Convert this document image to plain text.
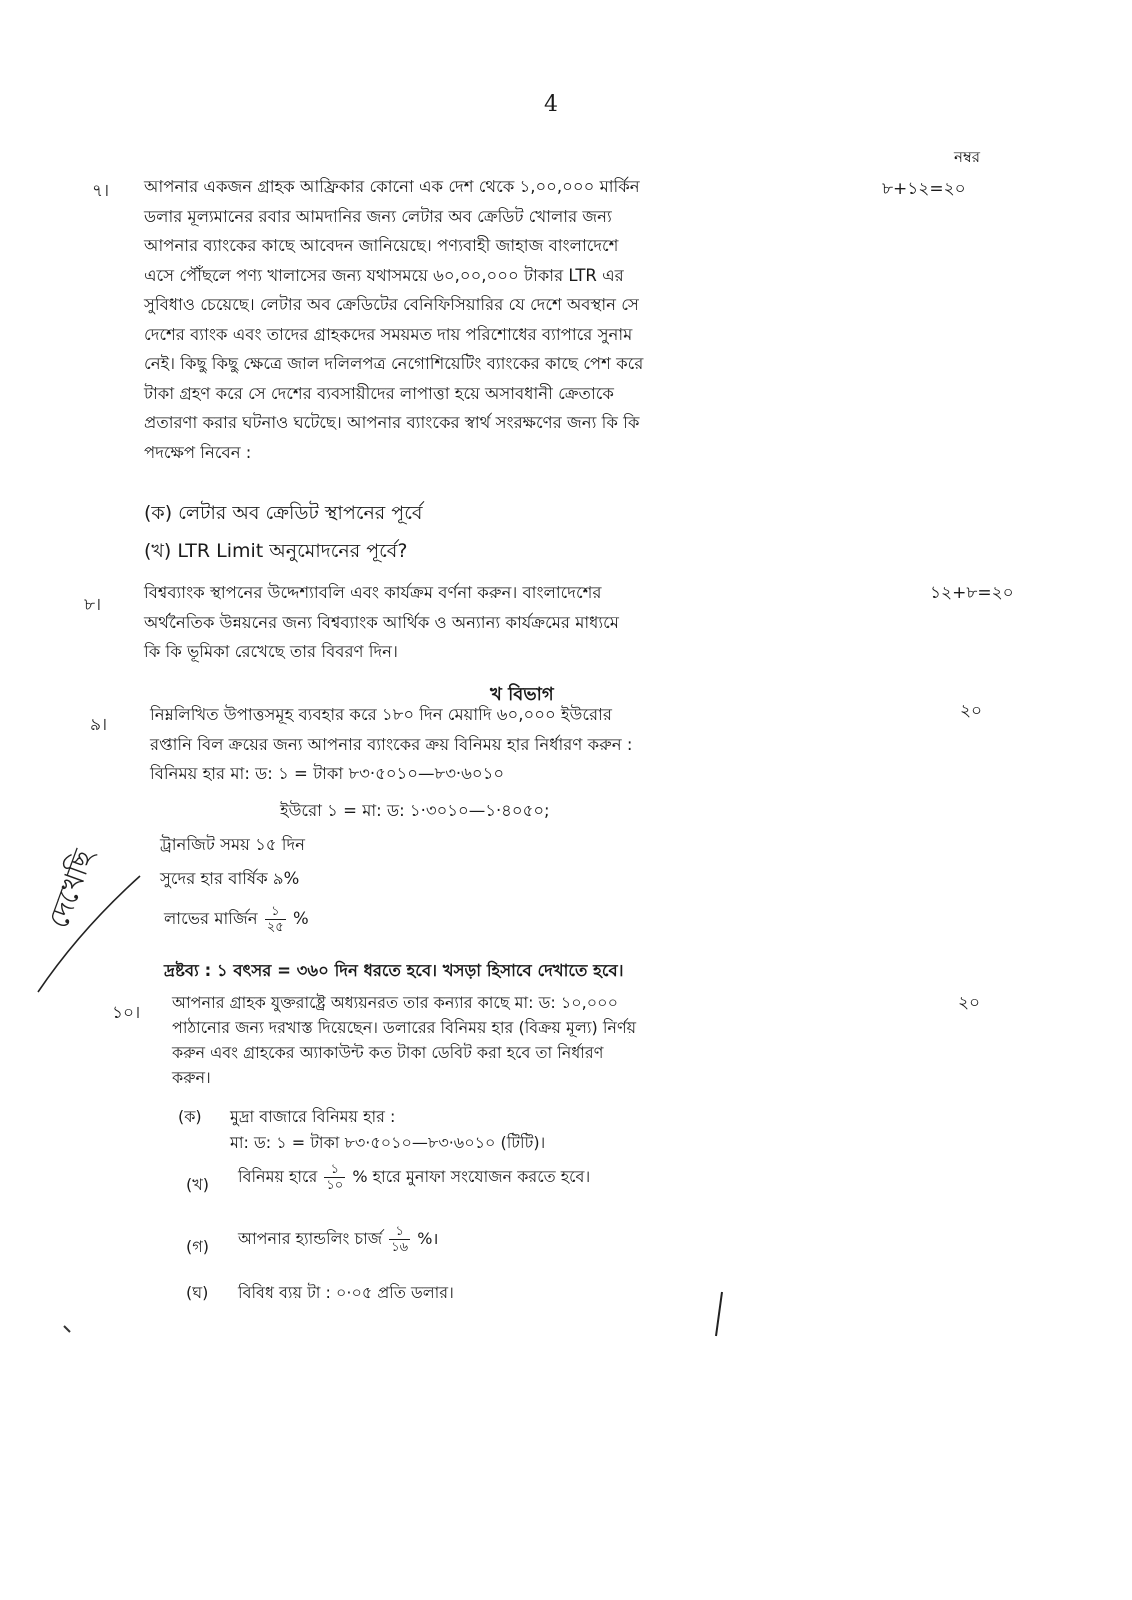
4
নম্বর
৭।	৮+১২=২০

আপনার একজন গ্রাহক আফ্রিকার কোনো এক দেশ থেকে ১,০০,০০০ মার্কিন

ডলার মূল্যমানের রবার আমদানির জন্য লেটার অব ক্রেডিট খোলার জন্য

আপনার ব্যাংকের কাছে আবেদন জানিয়েছে। পণ্যবাহী জাহাজ বাংলাদেশে

এসে পৌঁছলে পণ্য খালাসের জন্য যথাসময়ে ৬০,০০,০০০ টাকার LTR এর

সুবিধাও চেয়েছে। লেটার অব ক্রেডিটের বেনিফিসিয়ারির যে দেশে অবস্থান সে

দেশের ব্যাংক এবং তাদের গ্রাহকদের সময়মত দায় পরিশোধের ব্যাপারে সুনাম

নেই। কিছু কিছু ক্ষেত্রে জাল দলিলপত্র নেগোশিয়েটিং ব্যাংকের কাছে পেশ করে

টাকা গ্রহণ করে সে দেশের ব্যবসায়ীদের লাপাত্তা হয়ে অসাবধানী ক্রেতাকে

প্রতারণা করার ঘটনাও ঘটেছে। আপনার ব্যাংকের স্বার্থ সংরক্ষণের জন্য কি কি

পদক্ষেপ নিবেন :

(ক) লেটার অব ক্রেডিট স্থাপনের পূর্বে

(খ) LTR Limit অনুমোদনের পূর্বে?

৮।
১২+৮=২০

বিশ্বব্যাংক স্থাপনের উদ্দেশ্যাবলি এবং কার্যক্রম বর্ণনা করুন। বাংলাদেশের

অর্থনৈতিক উন্নয়নের জন্য বিশ্বব্যাংক আর্থিক ও অন্যান্য কার্যক্রমের মাধ্যমে

কি কি ভূমিকা রেখেছে তার বিবরণ দিন।

খ বিভাগ
৯।
২০

নিম্নলিখিত উপাত্তসমূহ ব্যবহার করে ১৮০ দিন মেয়াদি ৬০,০০০ ইউরোর

রপ্তানি বিল ক্রয়ের জন্য আপনার ব্যাংকের ক্রয় বিনিময় হার নির্ধারণ করুন :

বিনিময় হার মা: ড: ১ = টাকা ৮৩·৫০১০—৮৩·৬০১০

ইউরো ১ = মা: ড: ১·৩০১০—১·৪০৫০;
ট্রানজিট সময় ১৫ দিন
সুদের হার বার্ষিক ৯%
লাভের মার্জিন $\frac{১}{২৫}$ %
দ্রষ্টব্য : ১ বৎসর = ৩৬০ দিন ধরতে হবে। খসড়া হিসাবে দেখাতে হবে।
দেখেছি
১০।	২০

আপনার গ্রাহক যুক্তরাষ্ট্রে অধ্যয়নরত তার কন্যার কাছে মা: ড: ১০,০০০

পাঠানোর জন্য দরখাস্ত দিয়েছেন। ডলারের বিনিময় হার (বিক্রয় মূল্য) নির্ণয়

করুন এবং গ্রাহকের অ্যাকাউন্ট কত টাকা ডেবিট করা হবে তা নির্ধারণ

করুন।

(ক) মুদ্রা বাজারে বিনিময় হার :
মা: ড: ১ = টাকা ৮৩·৫০১০—৮৩·৬০১০ (টিটি)।
(খ) বিনিময় হারে $\frac{১}{১০}$ % হারে মুনাফা সংযোজন করতে হবে।
(গ) আপনার হ্যান্ডলিং চার্জ $\frac{১}{১৬}$ %।
(ঘ) বিবিধ ব্যয় টা : ০·০৫ প্রতি ডলার।
